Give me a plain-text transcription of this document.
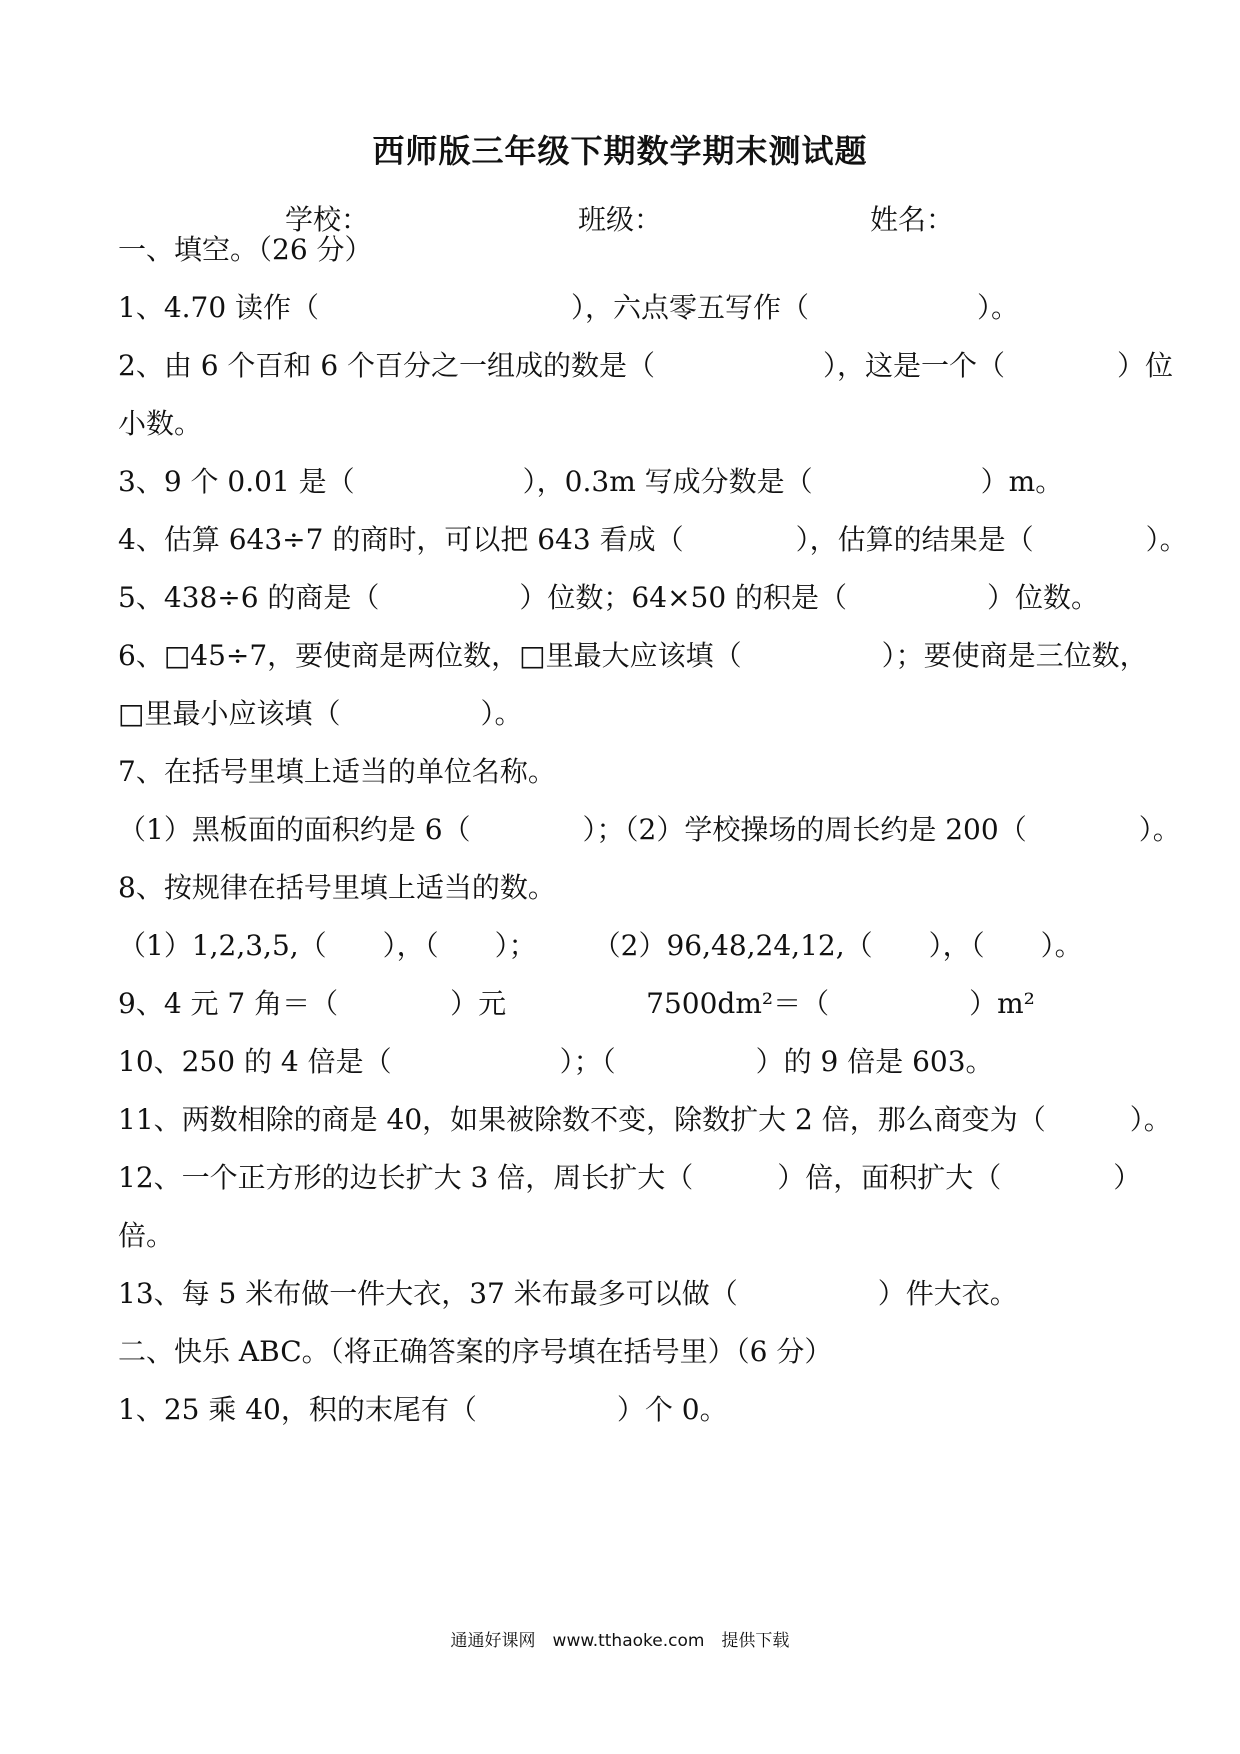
西师版三年级下期数学期末测试题
学校：	班级：	姓名：
一、填空。（26 分）
1、4.70 读作（　　　　　　　　　），六点零五写作（　　　　　　）。
2、由 6 个百和 6 个百分之一组成的数是（　　　　　　），这是一个（　　　　）位
小数。
3、9 个 0.01 是（　　　　　　），0.3m 写成分数是（　　　　　　）m。
4、估算 643÷7 的商时，可以把 643 看成（　　　　），估算的结果是（　　　　）。
5、438÷6 的商是（　　　　　）位数；64×50 的积是（　　　　　）位数。
6、□45÷7，要使商是两位数，□里最大应该填（　　　　　）；要使商是三位数，
□里最小应该填（　　　　　）。
7、在括号里填上适当的单位名称。
（1）黑板面的面积约是 6（　　　　）；（2）学校操场的周长约是 200（　　　　）。
8、按规律在括号里填上适当的数。
（1）1,2,3,5,（　　），（　　）；　　　（2）96,48,24,12,（　　），（　　）。
9、4 元 7 角＝（　　　　）元　　　　　7500dm²＝（　　　　　）m²
10、250 的 4 倍是（　　　　　　）；（　　　　　）的 9 倍是 603。
11、两数相除的商是 40，如果被除数不变，除数扩大 2 倍，那么商变为（　　　）。
12、一个正方形的边长扩大 3 倍，周长扩大（　　　）倍，面积扩大（　　　　）
倍。
13、每 5 米布做一件大衣，37 米布最多可以做（　　　　　）件大衣。
二、快乐 ABC。（将正确答案的序号填在括号里）（6 分）
1、25 乘 40，积的末尾有（　　　　　）个 0。
通通好课网　www.tthaoke.com　提供下载
